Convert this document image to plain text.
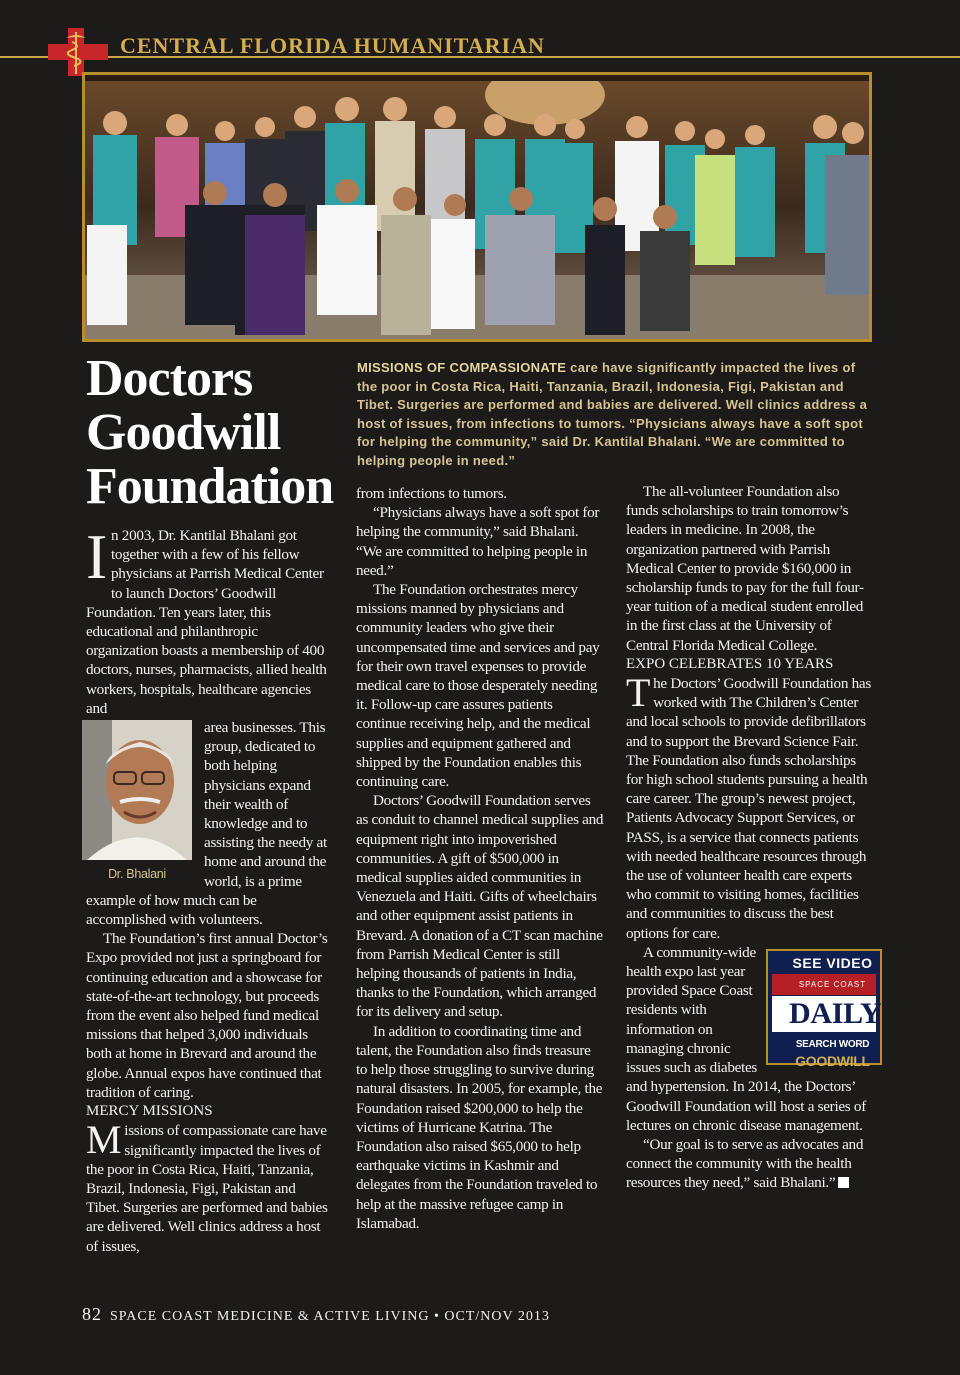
CENTRAL FLORIDA HUMANITARIAN
Doctors
Goodwill
Foundation
MISSIONS OF COMPASSIONATE care have significantly impacted the lives of the poor in Costa Rica, Haiti, Tanzania, Brazil, Indonesia, Figi, Pakistan and Tibet. Surgeries are performed and babies are delivered. Well clinics address a host of issues, from infections to tumors. “Physicians always have a soft spot for helping the community,” said Dr. Kantilal Bhalani. “We are committed to helping people in need.”

In 2003, Dr. Kantilal Bhalani got together with a few of his fellow physicians at Parrish Medical Center to launch Doctors’ Goodwill Foundation. Ten years later, this educational and philanthropic organization boasts a membership of 400 doctors, nurses, pharmacists, allied health workers, hospitals, healthcare agencies and

Dr. Bhalani

area businesses. This group, dedicated to both helping physicians expand their wealth of knowledge and to assisting the needy at home and around the world, is a prime example of how much can be accomplished with volunteers.

The Foundation’s first annual Doctor’s Expo provided not just a springboard for continuing education and a showcase for state-of-the-art technology, but proceeds from the event also helped fund medical missions that helped 3,000 individuals both at home in Brevard and around the globe. Annual expos have continued that tradition of caring.

MERCY MISSIONS

Missions of compassionate care have significantly impacted the lives of the poor in Costa Rica, Haiti, Tanzania, Brazil, Indonesia, Figi, Pakistan and Tibet. Surgeries are performed and babies are delivered. Well clinics address a host of issues,

from infections to tumors.

“Physicians always have a soft spot for helping the community,” said Bhalani. “We are committed to helping people in need.”

The Foundation orchestrates mercy missions manned by physicians and community leaders who give their uncompensated time and services and pay for their own travel expenses to provide medical care to those desperately needing it. Follow-up care assures patients continue receiving help, and the medical supplies and equipment gathered and shipped by the Foundation enables this continuing care.

Doctors’ Goodwill Foundation serves as conduit to channel medical supplies and equipment right into impoverished communities. A gift of $500,000 in medical supplies aided communities in Venezuela and Haiti. Gifts of wheelchairs and other equipment assist patients in Brevard. A donation of a CT scan machine from Parrish Medical Center is still helping thousands of patients in India, thanks to the Foundation, which arranged for its delivery and setup.

In addition to coordinating time and talent, the Foundation also finds treasure to help those struggling to survive during natural disasters. In 2005, for example, the Foundation raised $200,000 to help the victims of Hurricane Katrina. The Foundation also raised $65,000 to help earthquake victims in Kashmir and delegates from the Foundation traveled to help at the massive refugee camp in Islamabad.

The all-volunteer Foundation also funds scholarships to train tomorrow’s leaders in medicine. In 2008, the organization partnered with Parrish Medical Center to provide $160,000 in scholarship funds to pay for the full four-year tuition of a medical student enrolled in the first class at the University of Central Florida Medical College.

EXPO CELEBRATES 10 YEARS

The Doctors’ Goodwill Foundation has worked with The Children’s Center and local schools to provide defibrillators and to support the Brevard Science Fair. The Foundation also funds scholarships for high school students pursuing a health care career. The group’s newest project, Patients Advocacy Support Services, or PASS, is a service that connects patients with needed healthcare resources through the use of volunteer health care experts who commit to visiting homes, facilities and communities to discuss the best options for care.

SEE VIDEO
SPACE COAST
DAILY
SEARCH WORD
GOODWILL
A community-wide health expo last year provided Space Coast residents with information on managing chronic issues such as diabetes and hypertension. In 2014, the Doctors’ Goodwill Foundation will host a series of lectures on chronic disease management.

“Our goal is to serve as advocates and connect the community with the health resources they need,” said Bhalani.”

82 SPACE COAST MEDICINE & ACTIVE LIVING • OCT/NOV 2013
